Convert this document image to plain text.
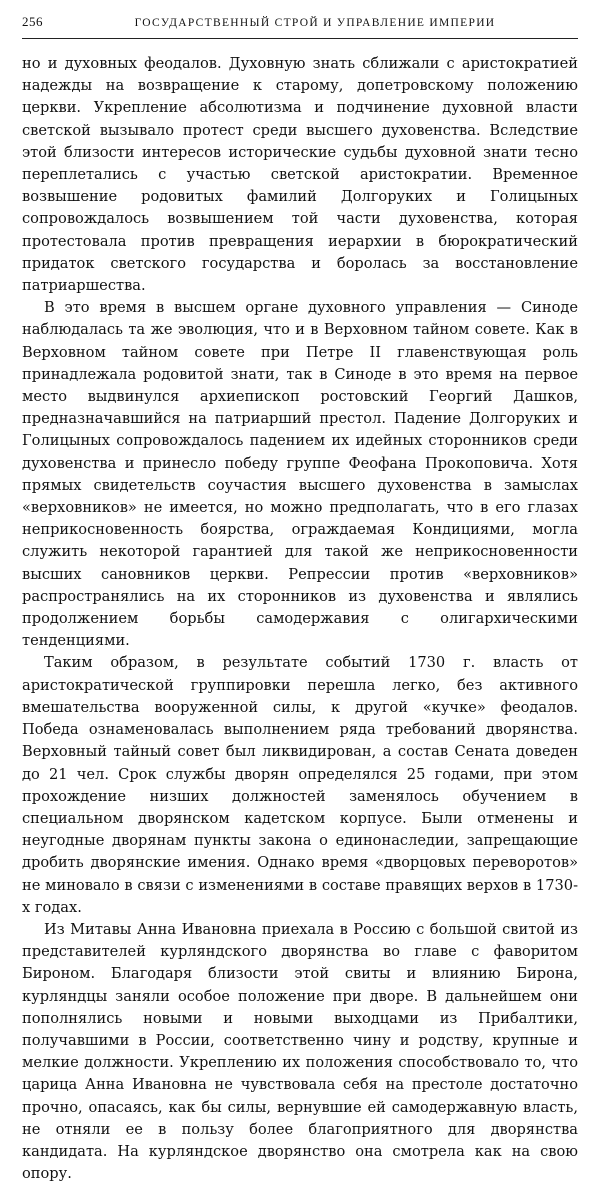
256	ГОСУДАРСТВЕННЫЙ СТРОЙ И УПРАВЛЕНИЕ ИМПЕРИИ

но и духовных феодалов. Духовную знать сближали с аристократией надежды на возвращение к старому, допетровскому положению церкви. Укрепление абсолютизма и подчинение духовной власти светской вызывало протест среди высшего духовенства. Вследствие этой близости интересов исторические судьбы духовной знати тесно переплетались с участью светской аристократии. Временное возвышение родовитых фамилий Долгоруких и Голицыных сопровождалось возвышением той части духовенства, которая протестовала против превращения иерархии в бюрократический придаток светского государства и боролась за восстановление патриаршества.

В это время в высшем органе духовного управления — Синоде наблюдалась та же эволюция, что и в Верховном тайном совете. Как в Верховном тайном совете при Петре II главенствующая роль принадлежала родовитой знати, так в Синоде в это время на первое место выдвинулся архиепископ ростовский Георгий Дашков, предназначавшийся на патриарший престол. Падение Долгоруких и Голицыных сопровождалось падением их идейных сторонников среди духовенства и принесло победу группе Феофана Прокоповича. Хотя прямых свидетельств соучастия высшего духовенства в замыслах «верховников» не имеется, но можно предполагать, что в его глазах неприкосновенность боярства, ограждаемая Кондициями, могла служить некоторой гарантией для такой же неприкосновенности высших сановников церкви. Репрессии против «верховников» распространялись на их сторонников из духовенства и являлись продолжением борьбы самодержавия с олигархическими тенденциями.

Таким образом, в результате событий 1730 г. власть от аристократической группировки перешла легко, без активного вмешательства вооруженной силы, к другой «кучке» феодалов. Победа ознаменовалась выполнением ряда требований дворянства. Верховный тайный совет был ликвидирован, а состав Сената доведен до 21 чел. Срок службы дворян определялся 25 годами, при этом прохождение низших должностей заменялось обучением в специальном дворянском кадетском корпусе. Были отменены и неугодные дворянам пункты закона о единонаследии, запрещающие дробить дворянские имения. Однако время «дворцовых переворотов» не миновало в связи с изменениями в составе правящих верхов в 1730-х годах.

Из Митавы Анна Ивановна приехала в Россию с большой свитой из представителей курляндского дворянства во главе с фаворитом Бироном. Благодаря близости этой свиты и влиянию Бирона, курляндцы заняли особое положение при дворе. В дальнейшем они пополнялись новыми и новыми выходцами из Прибалтики, получавшими в России, соответственно чину и родству, крупные и мелкие должности. Укреплению их положения способствовало то, что царица Анна Ивановна не чувствовала себя на престоле достаточно прочно, опасаясь, как бы силы, вернувшие ей самодержавную власть, не отняли ее в пользу более благоприятного для дворянства кандидата. На курляндское дворянство она смотрела как на свою опору.
